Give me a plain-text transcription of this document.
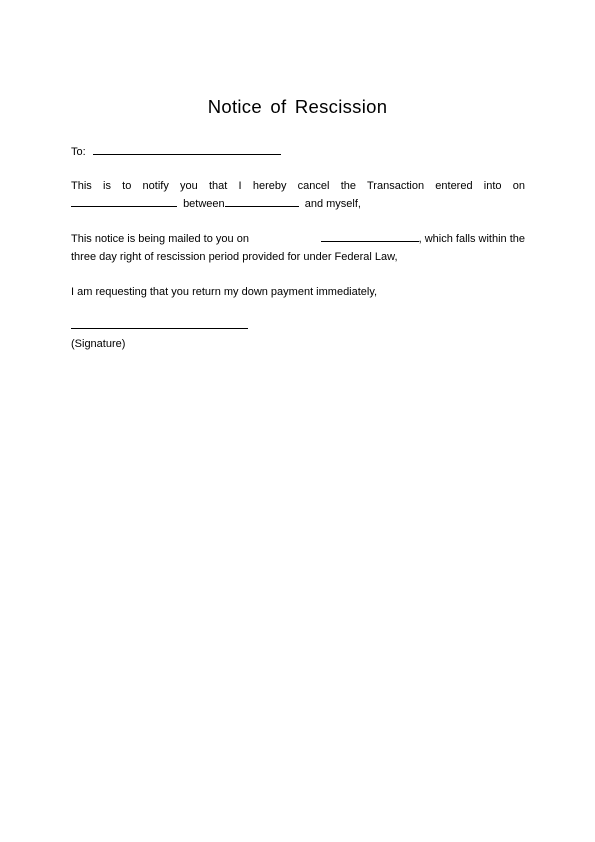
Notice of Rescission
To:
This is to notify you that I hereby cancel the Transaction entered into on
between	and myself,
This notice is being mailed to you on	, which falls within the
three day right of rescission period provided for under Federal Law,
I am requesting that you return my down payment immediately,
(Signature)
